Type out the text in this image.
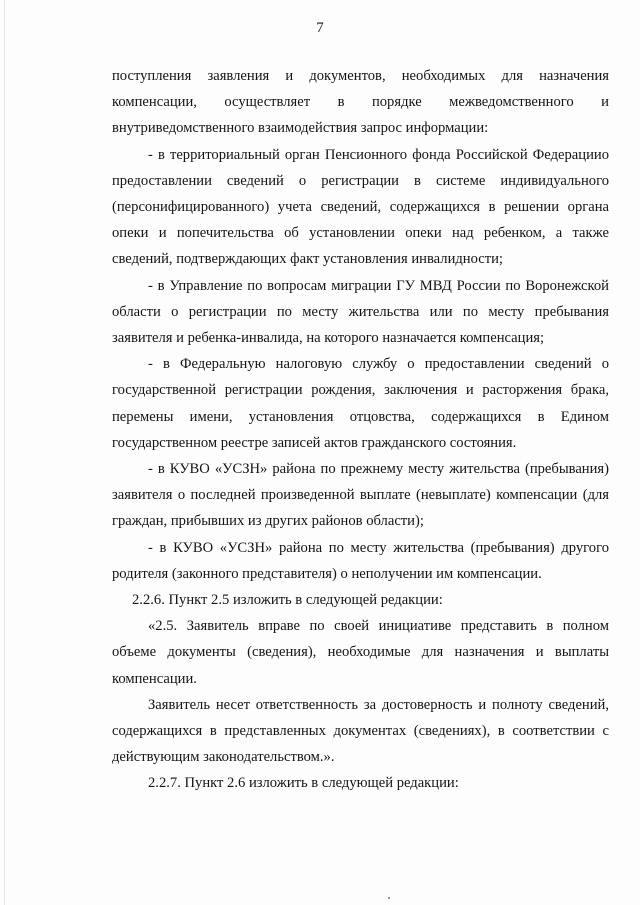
7

поступления заявления и документов, необходимых для назначения компенсации, осуществляет в порядке межведомственного и внутриведомственного взаимодействия запрос информации:

- в территориальный орган Пенсионного фонда Российской Федерациио предоставлении сведений о регистрации в системе индивидуального (персонифицированного) учета сведений, содержащихся в решении органа опеки и попечительства об установлении опеки над ребенком, а также сведений, подтверждающих факт установления инвалидности;

- в Управление по вопросам миграции ГУ МВД России по Воронежской области о регистрации по месту жительства или по месту пребывания заявителя и ребенка-инвалида, на которого назначается компенсация;

- в Федеральную налоговую службу о предоставлении сведений о государственной регистрации рождения, заключения и расторжения брака, перемены имени, установления отцовства, содержащихся в Едином государственном реестре записей актов гражданского состояния.

- в КУВО «УСЗН» района по прежнему месту жительства (пребывания) заявителя о последней произведенной выплате (невыплате) компенсации (для граждан, прибывших из других районов области);

- в КУВО «УСЗН» района по месту жительства (пребывания) другого родителя (законного представителя) о неполучении им компенсации.

2.2.6. Пункт 2.5 изложить в следующей редакции:

«2.5. Заявитель вправе по своей инициативе представить в полном объеме документы (сведения), необходимые для назначения и выплаты компенсации.

Заявитель несет ответственность за достоверность и полноту сведений, содержащихся в представленных документах (сведениях), в соответствии с действующим законодательством.».

2.2.7. Пункт 2.6 изложить в следующей редакции:
